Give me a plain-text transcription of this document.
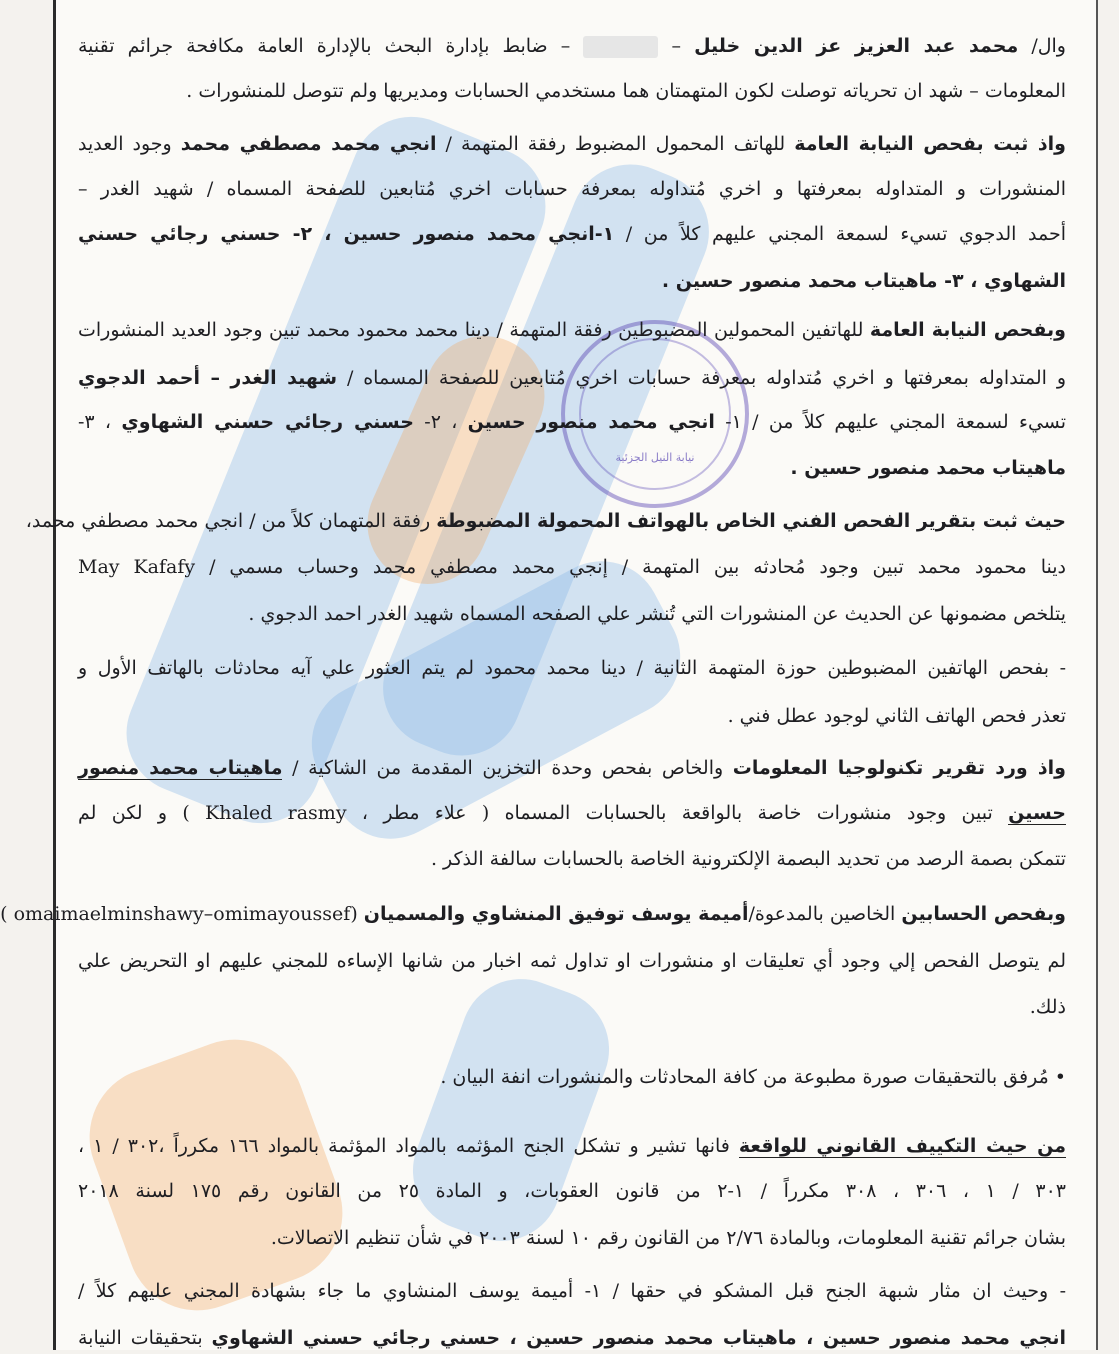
نيابة النيل الجزئية
وال/ محمد عبد العزيز عز الدين خليل –  – ضابط بإدارة البحث بالإدارة العامة مكافحة جرائم تقنية
المعلومات – شهد ان تحرياته توصلت لكون المتهمتان هما مستخدمي الحسابات ومديريها ولم تتوصل للمنشورات .
واذ ثبت بفحص النيابة العامة للهاتف المحمول المضبوط رفقة المتهمة / انجي محمد مصطفي محمد وجود العديد
المنشورات و المتداوله بمعرفتها و اخري مُتداوله بمعرفة حسابات اخري مُتابعين للصفحة المسماه / شهيد الغدر –
أحمد الدجوي تسيء لسمعة المجني عليهم كلاً من / ١-انجي محمد منصور حسين ، ٢- حسني رجائي حسني
الشهاوي ، ٣- ماهيتاب محمد منصور حسين .
وبفحص النيابة العامة للهاتفين المحمولين المضبوطين رفقة المتهمة / دينا محمد محمود محمد تبين وجود العديد المنشورات
و المتداوله بمعرفتها و اخري مُتداوله بمعرفة حسابات اخري مُتابعين للصفحة المسماه / شهيد الغدر – أحمد الدجوي
تسيء لسمعة المجني عليهم كلاً من / ١- انجي محمد منصور حسين ، ٢- حسني رجائي حسني الشهاوي ، ٣-
ماهيتاب محمد منصور حسين .
حيث ثبت بتقرير الفحص الفني الخاص بالهواتف المحمولة المضبوطة رفقة المتهمان كلاً من / انجي محمد مصطفي محمد،
دينا محمود محمد تبين وجود مُحادثه بين المتهمة / إنجي محمد مصطفي محمد وحساب مسمي / May Kafafy
يتلخص مضمونها عن الحديث عن المنشورات التي تُنشر علي الصفحه المسماه شهيد الغدر احمد الدجوي .
- بفحص الهاتفين المضبوطين حوزة المتهمة الثانية / دينا محمد محمود لم يتم العثور علي آيه محادثات بالهاتف الأول و
تعذر فحص الهاتف الثاني لوجود عطل فني .
واذ ورد تقرير تكنولوجيا المعلومات والخاص بفحص وحدة التخزين المقدمة من الشاكية / ماهيتاب محمد منصور
حسين تبين وجود منشورات خاصة بالواقعة بالحسابات المسماه ( علاء مطر ، Khaled rasmy ) و لكن لم
تتمكن بصمة الرصد من تحديد البصمة الإلكترونية الخاصة بالحسابات سالفة الذكر .
وبفحص الحسابين الخاصين بالمدعوة/أميمة يوسف توفيق المنشاوي والمسميان (omaimaelminshawy–omimayoussef )
لم يتوصل الفحص إلي وجود أي تعليقات او منشورات او تداول ثمه اخبار من شانها الإساءه للمجني عليهم او التحريض علي
ذلك.
• مُرفق بالتحقيقات صورة مطبوعة من كافة المحادثات والمنشورات انفة البيان .
من حيث التكييف القانوني للواقعة فانها تشير و تشكل الجنح المؤثمه بالمواد المؤثمة بالمواد ١٦٦ مكرراً ،٣٠٢ / ١ ،
٣٠٣ / ١ ، ٣٠٦ ، ٣٠٨ مكرراً / ١-٢ من قانون العقوبات، و المادة ٢٥ من القانون رقم ١٧٥ لسنة ٢٠١٨
بشان جرائم تقنية المعلومات، وبالمادة ٢/٧٦ من القانون رقم ١٠ لسنة ٢٠٠٣ في شأن تنظيم الاتصالات.
- وحيث ان مثار شبهة الجنح قبل المشكو في حقها / ١- أميمة يوسف المنشاوي ما جاء بشهادة المجني عليهم كلاً /
انجي محمد منصور حسين ، ماهيتاب محمد منصور حسين ، حسني رجائي حسني الشهاوي بتحقيقات النيابة
